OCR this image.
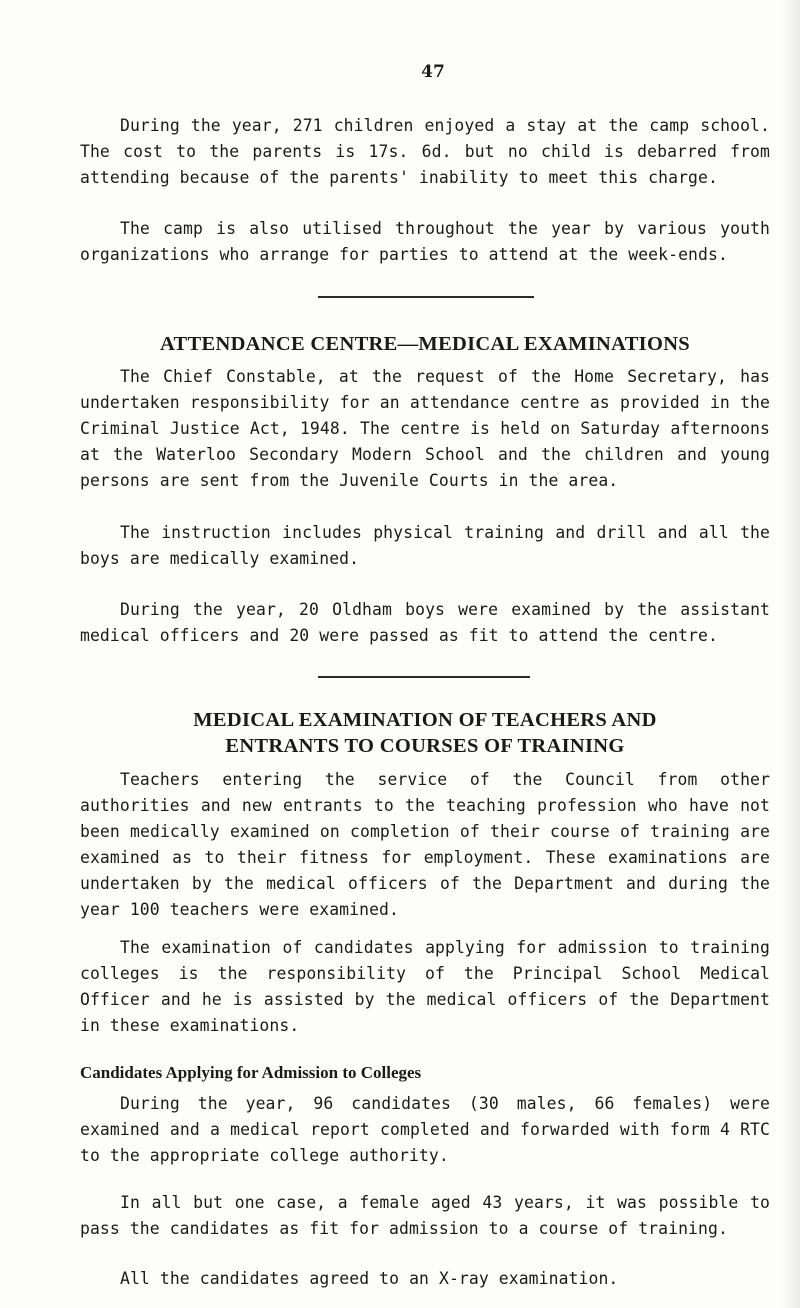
47

During the year, 271 children enjoyed a stay at the camp school. The cost to the parents is 17s. 6d. but no child is debarred from attending because of the parents' inability to meet this charge.

The camp is also utilised throughout the year by various youth organizations who arrange for parties to attend at the week-ends.

ATTENDANCE CENTRE—MEDICAL EXAMINATIONS

The Chief Constable, at the request of the Home Secretary, has undertaken responsibility for an attendance centre as provided in the Criminal Justice Act, 1948. The centre is held on Saturday afternoons at the Waterloo Secondary Modern School and the children and young persons are sent from the Juvenile Courts in the area.

The instruction includes physical training and drill and all the boys are medically examined.

During the year, 20 Oldham boys were examined by the assistant medical officers and 20 were passed as fit to attend the centre.

MEDICAL EXAMINATION OF TEACHERS AND
ENTRANTS TO COURSES OF TRAINING

Teachers entering the service of the Council from other authorities and new entrants to the teaching profession who have not been medically examined on completion of their course of training are examined as to their fitness for employment. These examinations are undertaken by the medical officers of the Department and during the year 100 teachers were examined.

The examination of candidates applying for admission to training colleges is the responsibility of the Principal School Medical Officer and he is assisted by the medical officers of the Department in these examinations.

Candidates Applying for Admission to Colleges

During the year, 96 candidates (30 males, 66 females) were examined and a medical report completed and forwarded with form 4 RTC to the appropriate college authority.

In all but one case, a female aged 43 years, it was possible to pass the candidates as fit for admission to a course of training.

All the candidates agreed to an X-ray examination.
